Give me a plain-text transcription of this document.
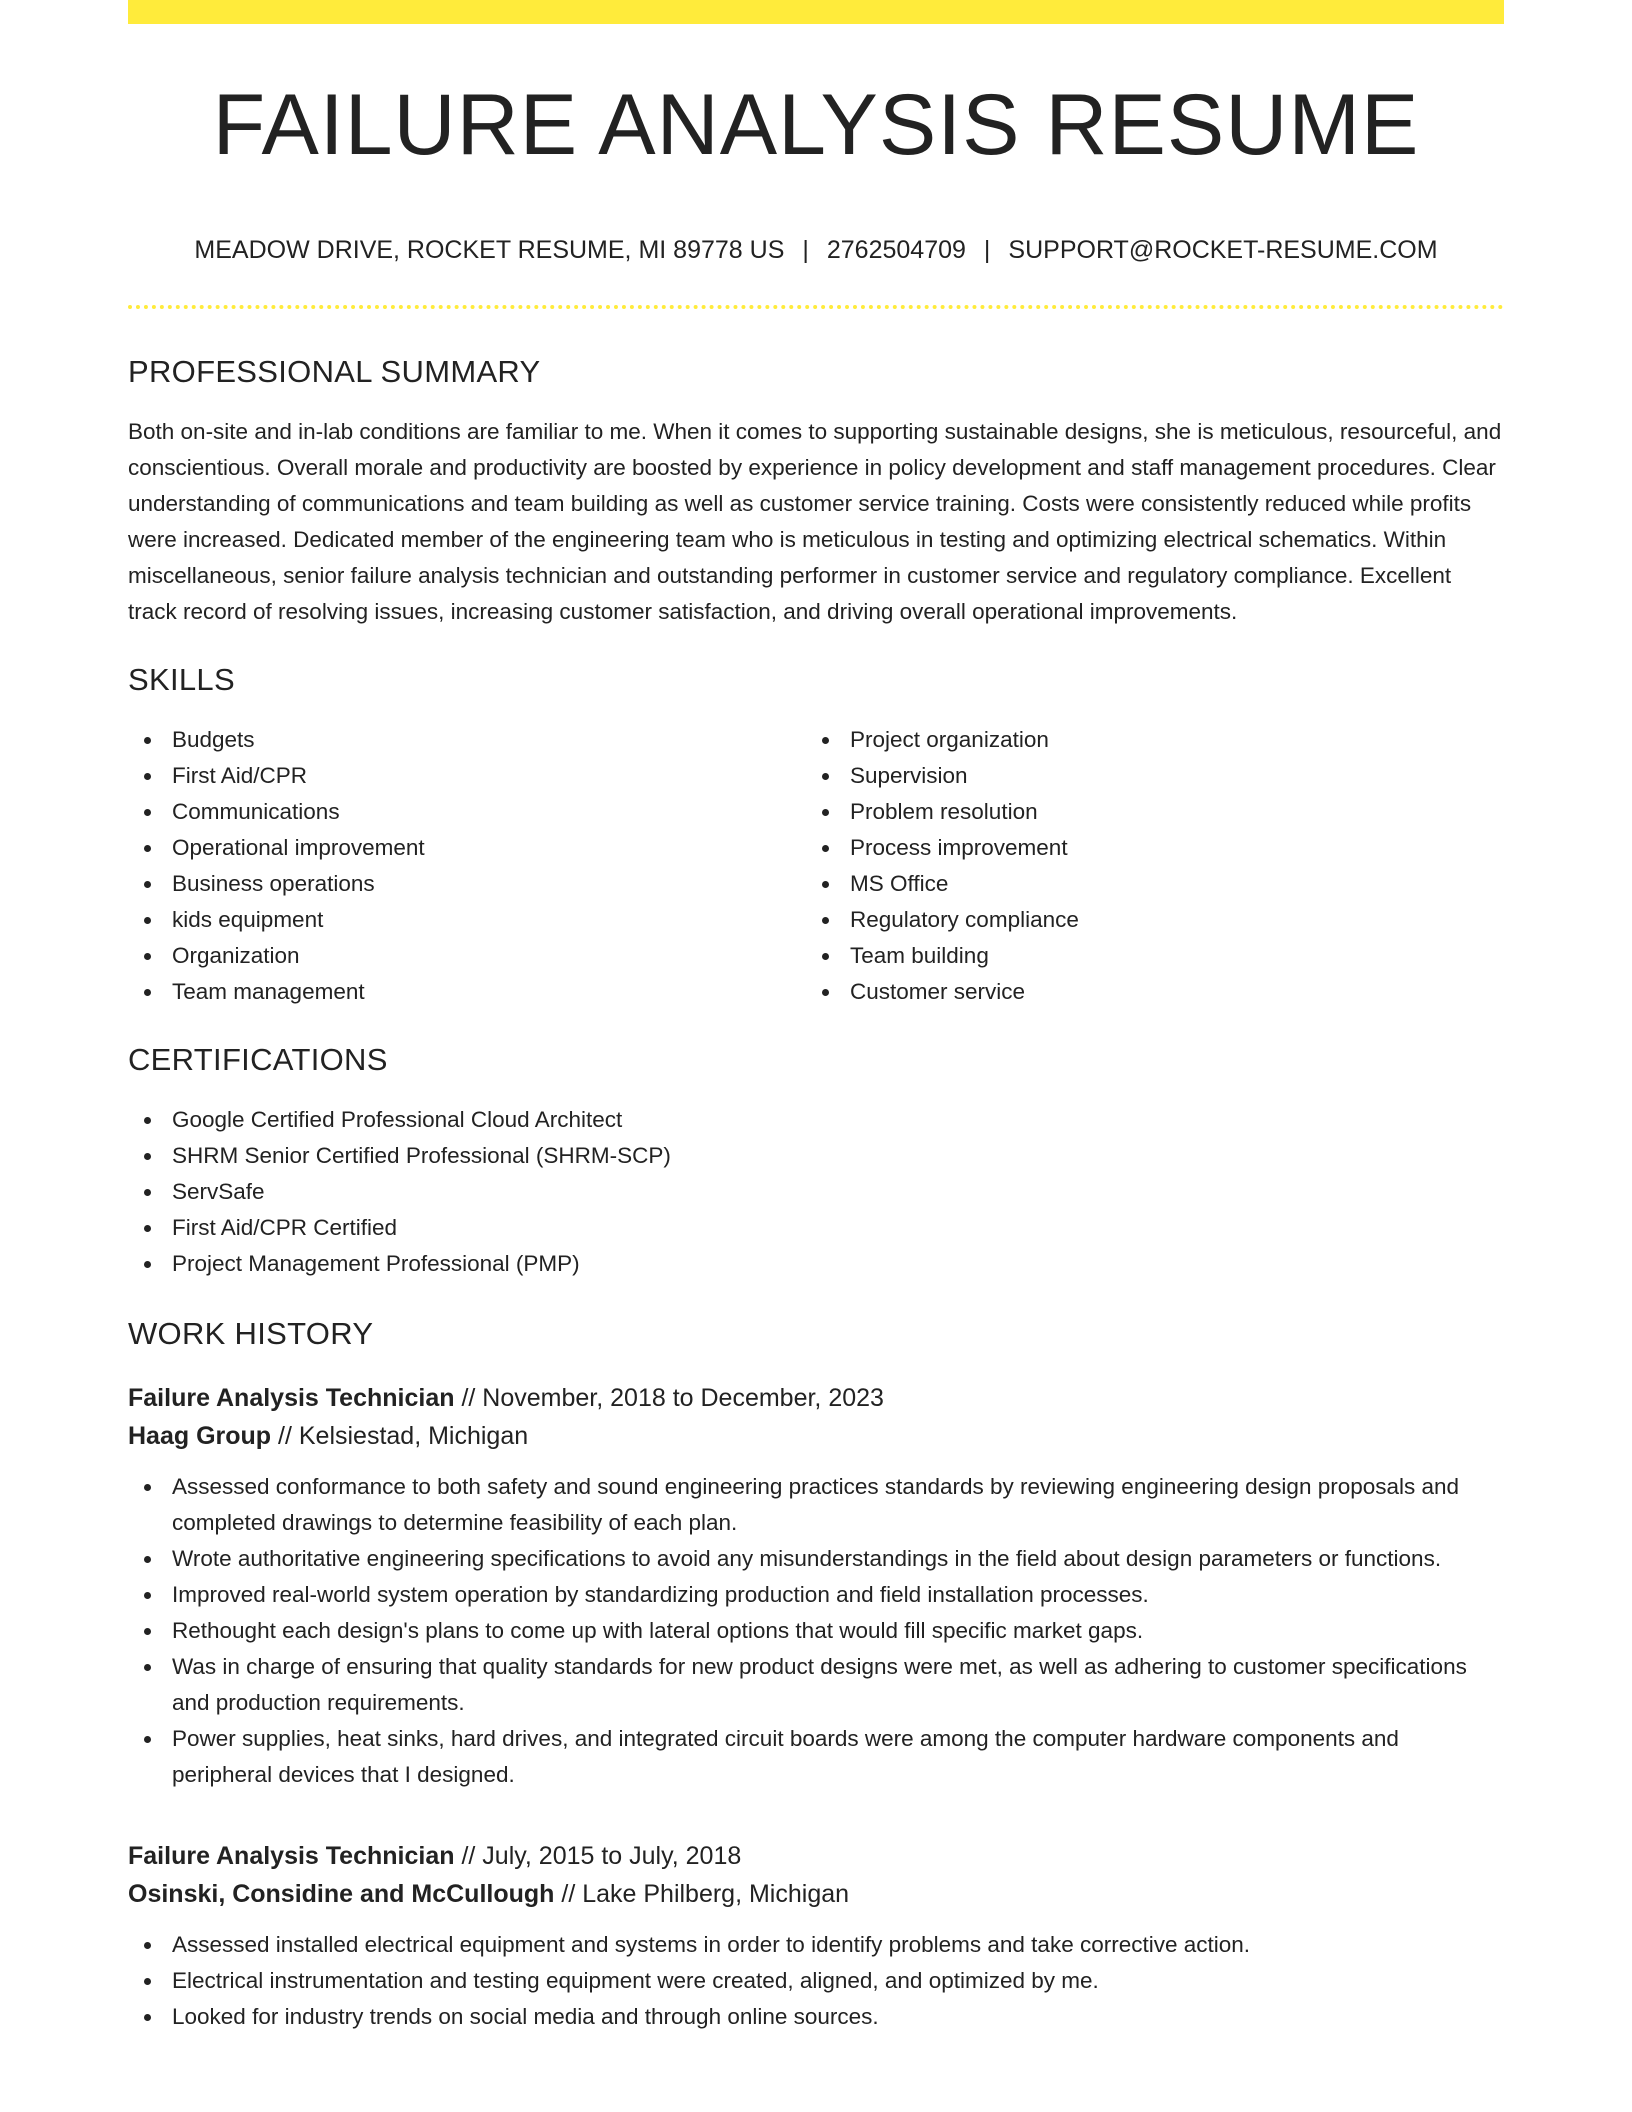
FAILURE ANALYSIS RESUME
MEADOW DRIVE, ROCKET RESUME, MI 89778 US | 2762504709 | SUPPORT@ROCKET-RESUME.COM
PROFESSIONAL SUMMARY

Both on-site and in-lab conditions are familiar to me. When it comes to supporting sustainable designs, she is meticulous, resourceful, and conscientious. Overall morale and productivity are boosted by experience in policy development and staff management procedures. Clear understanding of communications and team building as well as customer service training. Costs were consistently reduced while profits were increased. Dedicated member of the engineering team who is meticulous in testing and optimizing electrical schematics. Within miscellaneous, senior failure analysis technician and outstanding performer in customer service and regulatory compliance. Excellent track record of resolving issues, increasing customer satisfaction, and driving overall operational improvements.

SKILLS
Budgets
First Aid/CPR
Communications
Operational improvement
Business operations
kids equipment
Organization
Team management
Project organization
Supervision
Problem resolution
Process improvement
MS Office
Regulatory compliance
Team building
Customer service
CERTIFICATIONS
Google Certified Professional Cloud Architect
SHRM Senior Certified Professional (SHRM-SCP)
ServSafe
First Aid/CPR Certified
Project Management Professional (PMP)
WORK HISTORY
Failure Analysis Technician // November, 2018 to December, 2023
Haag Group // Kelsiestad, Michigan
Assessed conformance to both safety and sound engineering practices standards by reviewing engineering design proposals and completed drawings to determine feasibility of each plan.
Wrote authoritative engineering specifications to avoid any misunderstandings in the field about design parameters or functions.
Improved real-world system operation by standardizing production and field installation processes.
Rethought each design's plans to come up with lateral options that would fill specific market gaps.
Was in charge of ensuring that quality standards for new product designs were met, as well as adhering to customer specifications and production requirements.
Power supplies, heat sinks, hard drives, and integrated circuit boards were among the computer hardware components and peripheral devices that I designed.
Failure Analysis Technician // July, 2015 to July, 2018
Osinski, Considine and McCullough // Lake Philberg, Michigan
Assessed installed electrical equipment and systems in order to identify problems and take corrective action.
Electrical instrumentation and testing equipment were created, aligned, and optimized by me.
Looked for industry trends on social media and through online sources.
